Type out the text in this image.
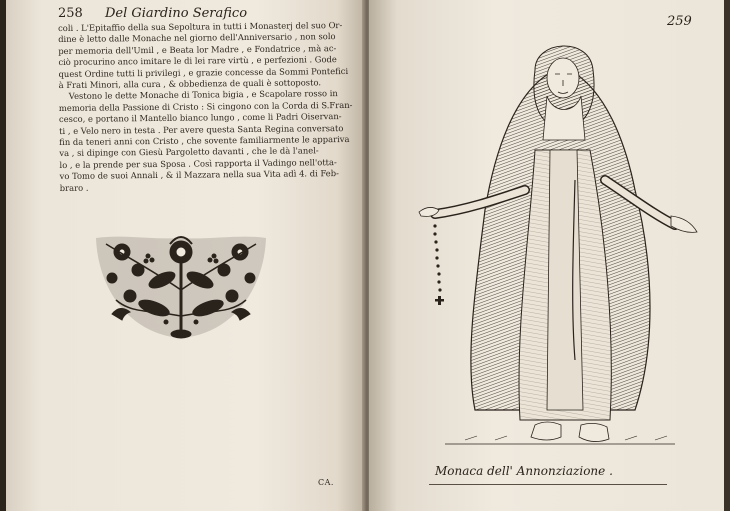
258 Del Giardino Serafico

coli . L'Epitaffio della sua Sepoltura in tutti i Monasterj del suo Or-

dine è letto dalle Monache nel giorno dell'Anniversario , non solo

per memoria dell'Umil , e Beata lor Madre , e Fondatrice , mà ac-

ciò procurino anco imitare le di lei rare virtù , e perfezioni . Gode

quest Ordine tutti li privilegi , e grazie concesse da Sommi Pontefici

à Frati Minori, alla cura , & obbedienza de quali è sottoposto.

Vestono le dette Monache di Tonica bigia , e Scapolare rosso in

memoria della Passione di Cristo : Si cingono con la Corda di S.Fran-

cesco, e portano il Mantello bianco lungo , come li Padri Oiservan-

ti , e Velo nero in testa . Per avere questa Santa Regina conversato

fin da teneri anni con Cristo , che sovente familiarmente le appariva

va , si dipinge con Giesù Pargoletto davanti , che le dà l'anel-

lo , e la prende per sua Sposa . Così rapporta il Vadingo nell'otta-

vo Tomo de suoi Annali , & il Mazzara nella sua Vita adì 4. di Feb-

braro .

CA.
259
Monaca dell' Annonziazione .
